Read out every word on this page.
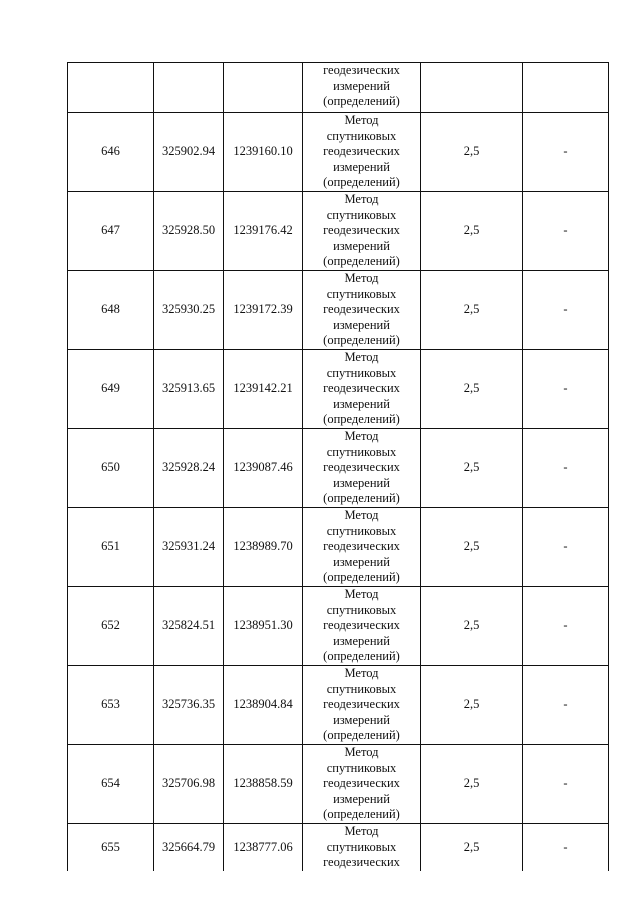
			геодезических
измерений
(определений)		

646	325902.94	1239160.10	Метод
спутниковых
геодезических
измерений
(определений)	2,5	-
647	325928.50	1239176.42	Метод
спутниковых
геодезических
измерений
(определений)	2,5	-
648	325930.25	1239172.39	Метод
спутниковых
геодезических
измерений
(определений)	2,5	-
649	325913.65	1239142.21	Метод
спутниковых
геодезических
измерений
(определений)	2,5	-
650	325928.24	1239087.46	Метод
спутниковых
геодезических
измерений
(определений)	2,5	-
651	325931.24	1238989.70	Метод
спутниковых
геодезических
измерений
(определений)	2,5	-
652	325824.51	1238951.30	Метод
спутниковых
геодезических
измерений
(определений)	2,5	-
653	325736.35	1238904.84	Метод
спутниковых
геодезических
измерений
(определений)	2,5	-
654	325706.98	1238858.59	Метод
спутниковых
геодезических
измерений
(определений)	2,5	-
655	325664.79	1238777.06	Метод
спутниковых
геодезических	2,5	-
